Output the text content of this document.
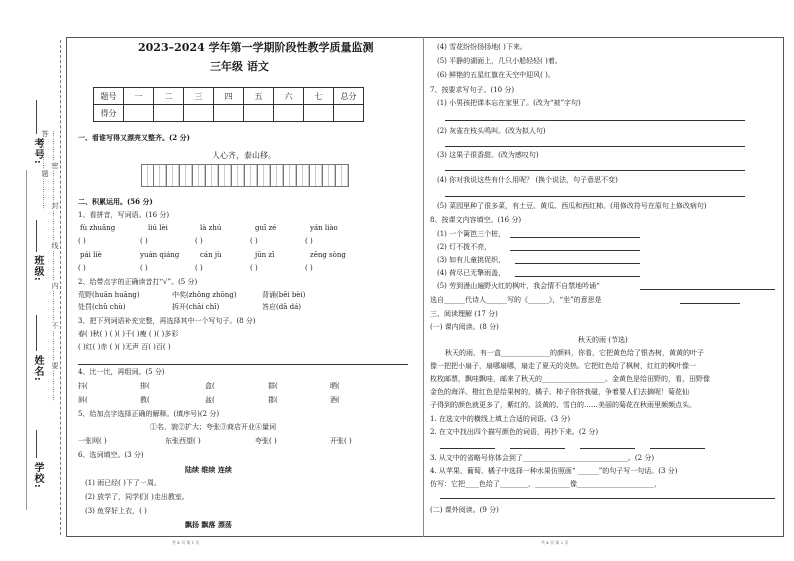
…………密…………封…………线…………内…………不…………要…………答…………题…………
学校:
姓名:
班级:
考号:
2023–2024 学年第一学期阶段性教学质量监测
三年级 语文
题号	一	二	三	四	五	六	七	总分
得分								
一、看谁写得又漂亮又整齐。(2 分)
人心齐，泰山移。
二、积累运用。(56 分)
1、看拼音，写词语。(16 分)
fù zhuāng	liú lèi	là zhú	guī zé	yán liào
( )	( )	( )	( )	( )
pái liè	yuán qiáng	cán jù	jūn zī	zēng sòng
( )	( )	( )	( )	( )
2、给带点字的正确读音打“√”。(5 分)
荒野(huān huāng)	中奖(zhǒng zhōng)	背诵(bēi bèi)
处罚(chǔ chù)	拆开(chāi chī)	答应(dā dá)
3、把下列词语补充完整，再选择其中一个写句子。(8 分)
春( )秋( ) ( )( )千( )瘦 ( )( )多彩
( )红( )赤 ( )( )无声 百( )百( )
4、比一比，再组词。(5 分)
抖(	排(	盒(	群(	晒(
斜(	教(	盆(	郡(	酒(
5、给加点字选择正确的解释。(填序号)(2 分)
①名，貌②扩大；夸张③商店开业④量词
一张网( )	东张西望( )	夸张( )	开张( )
6、选词填空。(3 分)
陆续 维续 连续
(1) 雨已经( )下了一周。
(2) 放学了，同学们( )走出教室。
(3) 鱼穿好上衣，( )
飘扬 飘落 漂荡
(4) 雪花纷纷扬扬地( )下来。
(5) 平静的湖面上，几只小船轻轻( )着。
(6) 鲜艳的五星红旗在天空中迎风( )。
7、按要求写句子。(10 分)
(1) 小男孩把课本忘在家里了。(改为“被”字句)
(2) 灰雀在枝头鸣叫。(改为拟人句)
(3) 这果子很香甜。(改为感叹句)
(4) 你对我说这些有什么用呢？ (换个说法，句子意思不变)
(5) 菜园里种了很多菜，有土豆、黄瓜、西瓜和西红柿。(用修改符号在原句上修改病句)
8、按课文内容填空。(16 分)
(1) 一个篱笆三个桩，
(2) 灯不拨不亮，
(3) 如有儿童挑促织，
(4) 荷尽已无擎雨盖，
(5) 劳到漫山遍野火红的枫叶，我会情不自禁地吟诵“
选自______代诗人______写的《______》，“坐”的意思是
三、阅读理解 (17 分)
(一) 课内阅读。(8 分)
秋天的雨 (节选)
秋天的雨，有一盒______________的颜料，你看，它把黄色给了银杏树，黄黄的叶子
像一把把小扇子，扇哪扇哪，扇走了夏天的炎热。它把红色给了枫树，红红的枫叶像一
枚枚邮票，飘哇飘哇，邮来了秋天的__________________。金黄色是给田野的，看，田野像
金色的海洋。橙红色是给果树的，橘子、柿子你挤我碰，争着要人们去摘呢！菊花仙
子得到的颜色就更多了，紫红的、淡黄的、雪白的……美丽的菊花在秋雨里频频点头。
1. 在选文中的横线上填上合适的词语。(3 分)
2. 在文中找出四个描写颜色的词语，再抄下来。(2 分)
3. 从文中的省略号你体会到了______________________________。(2 分)
4. 从苹果、葡萄、橘子中选择一种水果仿照画“ ______”的句子写一句话。(3 分)
仿写：它把____色给了________，__________像______________________，
(二) 课外阅读。(9 分)
共 4 页 第 1 页	共 4 页 第 2 页
